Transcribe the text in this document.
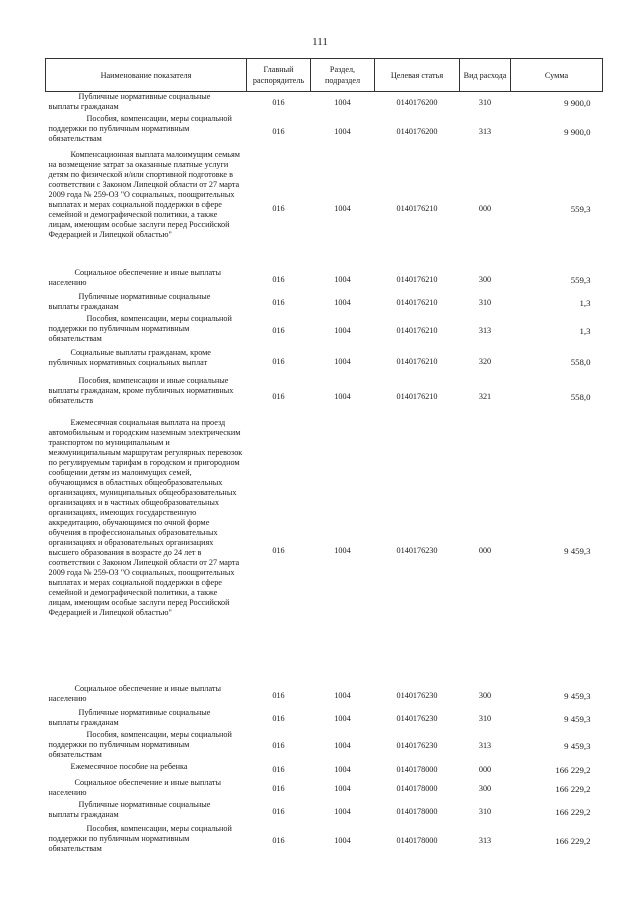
111
Наименование показателя	Главный распорядитель	Раздел, подраздел	Целевая статья	Вид расхода	Сумма
Публичные нормативные социальные выплаты гражданам	016	1004	0140176200	310	9 900,0
Пособия, компенсации, меры социальной поддержки по публичным нормативным обязательствам	016	1004	0140176200	313	9 900,0
Компенсационная выплата малоимущим семьям на возмещение затрат за оказанные платные услуги детям по физической и/или спортивной подготовке в соответствии с Законом Липецкой области от 27 марта 2009 года № 259-ОЗ "О социальных, поощрительных выплатах и мерах социальной поддержки в сфере семейной и демографической политики, а также лицам, имеющим особые заслуги перед Российской Федерацией и Липецкой областью"	016	1004	0140176210	000	559,3
Социальное обеспечение и иные выплаты населению	016	1004	0140176210	300	559,3
Публичные нормативные социальные выплаты гражданам	016	1004	0140176210	310	1,3
Пособия, компенсации, меры социальной поддержки по публичным нормативным обязательствам	016	1004	0140176210	313	1,3
Социальные выплаты гражданам, кроме публичных нормативных социальных выплат	016	1004	0140176210	320	558,0
Пособия, компенсации и иные социальные выплаты гражданам, кроме публичных нормативных обязательств	016	1004	0140176210	321	558,0
Ежемесячная социальная выплата на проезд автомобильным и городским наземным электрическим транспортом по муниципальным и межмуниципальным маршрутам регулярных перевозок по регулируемым тарифам в городском и пригородном сообщении детям из малоимущих семей, обучающимся в областных общеобразовательных организациях, муниципальных общеобразовательных организациях и в частных общеобразовательных организациях, имеющих государственную аккредитацию, обучающимся по очной форме обучения в профессиональных образовательных организациях и образовательных организациях высшего образования в возрасте до 24 лет в соответствии с Законом Липецкой области от 27 марта 2009 года № 259-ОЗ "О социальных, поощрительных выплатах и мерах социальной поддержки в сфере семейной и демографической политики, а также лицам, имеющим особые заслуги перед Российской Федерацией и Липецкой областью"	016	1004	0140176230	000	9 459,3
Социальное обеспечение и иные выплаты населению	016	1004	0140176230	300	9 459,3
Публичные нормативные социальные выплаты гражданам	016	1004	0140176230	310	9 459,3
Пособия, компенсации, меры социальной поддержки по публичным нормативным обязательствам	016	1004	0140176230	313	9 459,3
Ежемесячное пособие на ребенка	016	1004	0140178000	000	166 229,2
Социальное обеспечение и иные выплаты населению	016	1004	0140178000	300	166 229,2
Публичные нормативные социальные выплаты гражданам	016	1004	0140178000	310	166 229,2
Пособия, компенсации, меры социальной поддержки по публичным нормативным обязательствам	016	1004	0140178000	313	166 229,2
